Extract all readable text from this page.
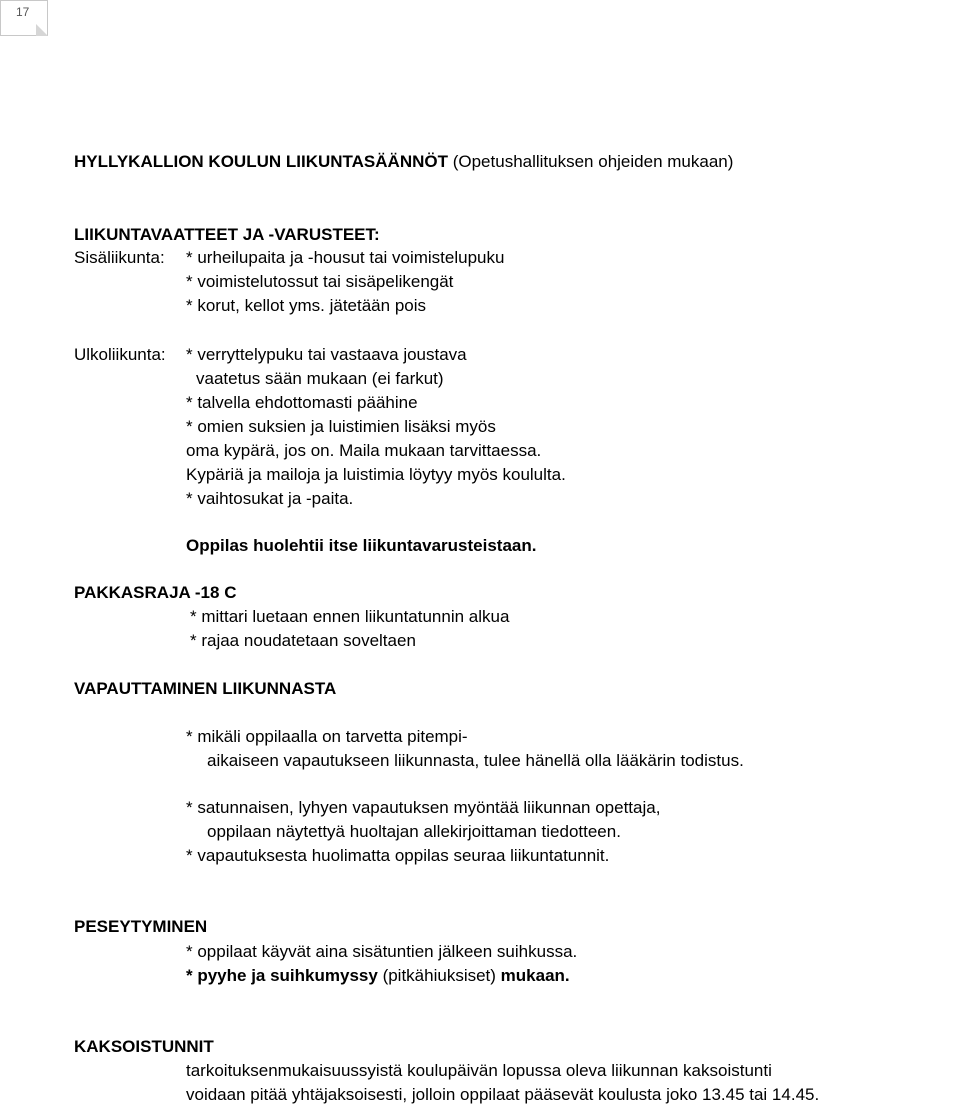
17
HYLLYKALLION KOULUN LIIKUNTASÄÄNNÖT (Opetushallituksen ohjeiden mukaan)
LIIKUNTAVAATTEET JA -VARUSTEET:
Sisäliikunta: * urheilupaita ja -housut tai voimistelupuku
* voimistelutossut tai sisäpelikengät
* korut, kellot yms. jätetään pois
Ulkoliikunta: * verryttelypuku tai vastaava joustava
vaatetus sään mukaan (ei farkut)
* talvella ehdottomasti päähine
* omien suksien ja luistimien lisäksi myös
oma kypärä, jos on. Maila mukaan tarvittaessa.
Kypäriä ja mailoja ja luistimia löytyy myös koululta.
* vaihtosukat ja -paita.
Oppilas huolehtii itse liikuntavarusteistaan.
PAKKASRAJA -18 C
* mittari luetaan ennen liikuntatunnin alkua
* rajaa noudatetaan soveltaen
VAPAUTTAMINEN LIIKUNNASTA
* mikäli oppilaalla on tarvetta pitempi-
aikaiseen vapautukseen liikunnasta, tulee hänellä olla lääkärin todistus.
* satunnaisen, lyhyen vapautuksen myöntää liikunnan opettaja,
oppilaan näytettyä huoltajan allekirjoittaman tiedotteen.
* vapautuksesta huolimatta oppilas seuraa liikuntatunnit.
PESEYTYMINEN
* oppilaat käyvät aina sisätuntien jälkeen suihkussa.
* pyyhe ja suihkumyssy (pitkähiuksiset) mukaan.
KAKSOISTUNNIT
tarkoituksenmukaisuussyistä koulupäivän lopussa oleva liikunnan kaksoistunti
voidaan pitää yhtäjaksoisesti, jolloin oppilaat pääsevät koulusta joko 13.45 tai 14.45.
